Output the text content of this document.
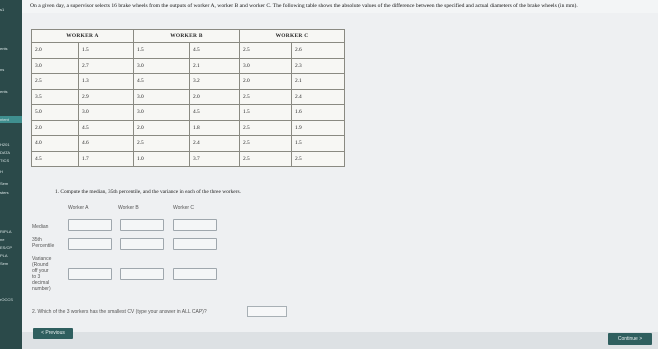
s1
ents
ns
ents
ntent
H201
DATA
TICS
H
Sem
sters
RIPLA
ne
ES/CP
PLA
Sem
rOCCS
On a given day, a supervisor selects 16 brake wheels from the outputs of worker A, worker B and worker C. The following table shows the absolute values of the difference between the specified and actual diameters of the brake wheels (in mm).
WORKER A		WORKER B		WORKER C	
2.0	1.5	1.5	4.5	2.5	2.6
3.0	2.7	3.0	2.1	3.0	2.3
2.5	1.3	4.5	3.2	2.0	2.1
3.5	2.9	3.0	2.0	2.5	2.4
5.0	3.0	3.0	4.5	1.5	1.6
2.0	4.5	2.0	1.8	2.5	1.9
4.0	4.6	2.5	2.4	2.5	1.5
4.5	1.7	1.0	3.7	2.5	2.5
1. Compute the median, 35th percentile, and the variance in each of the three workers.
Worker A	Worker B	Worker C
Median
35th
Percentile
Variance
(Round
off your
to 3
decimal
number)
2. Which of the 3 workers has the smallest CV (type your answer in ALL CAP)?
< Previous
Continue >
